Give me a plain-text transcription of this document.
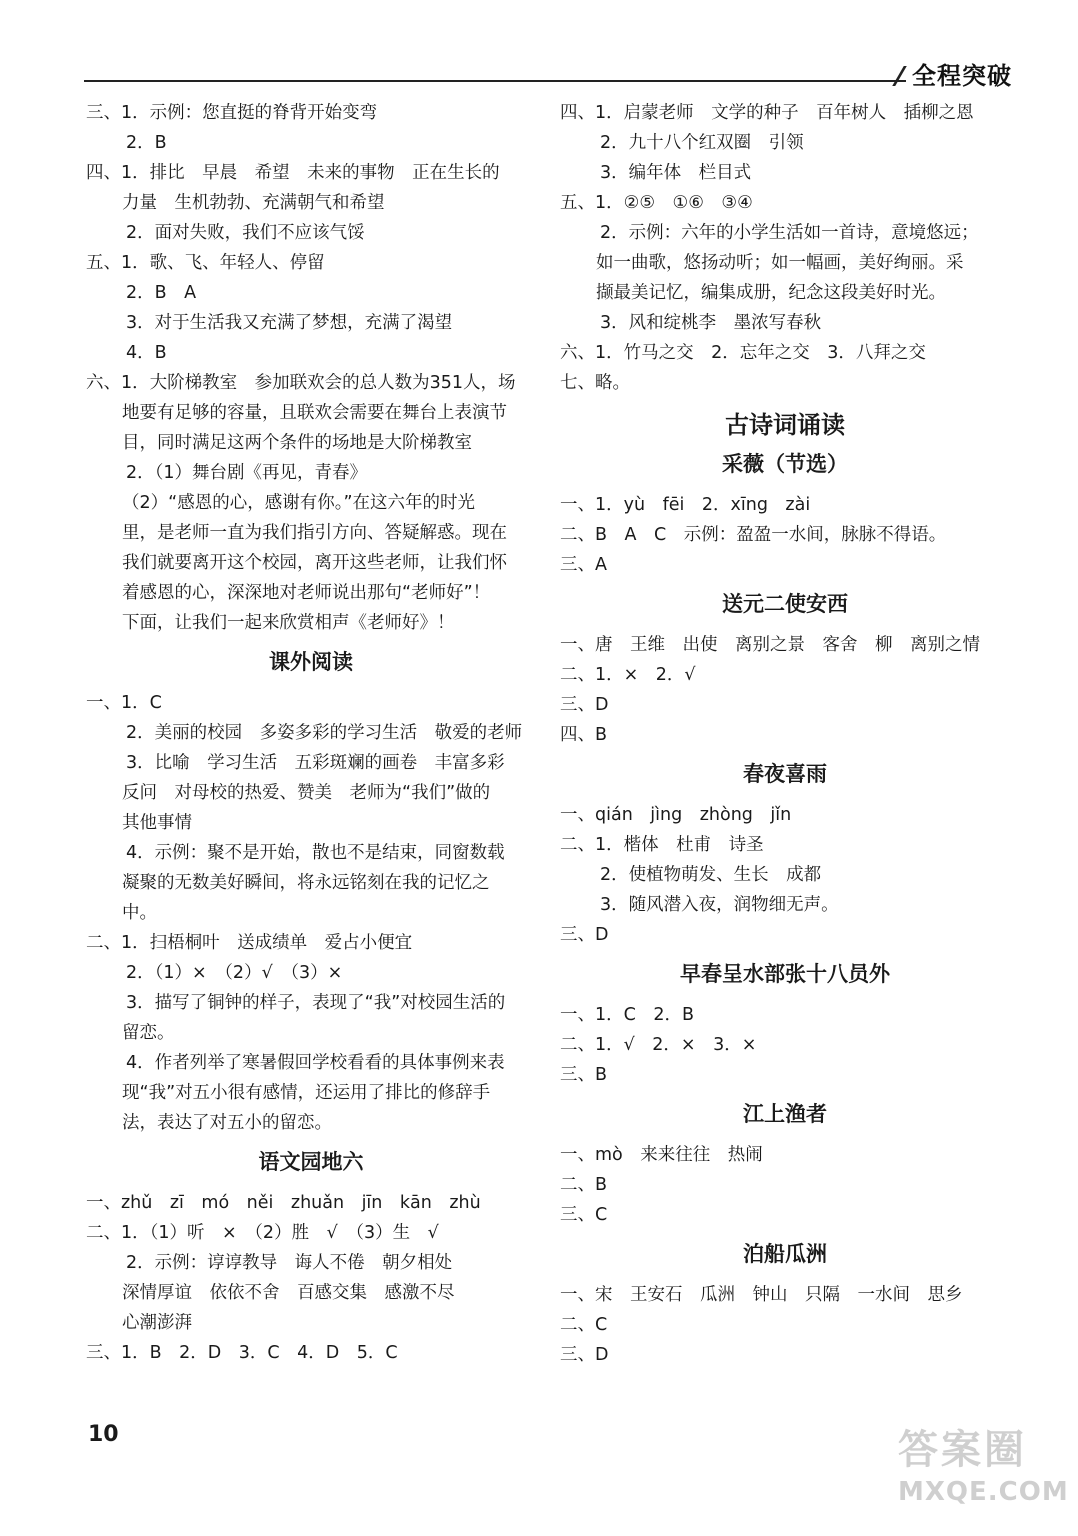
全程突破
三、1．示例：您直挺的脊背开始变弯
2．B
四、1．排比　早晨　希望　未来的事物　正在生长的
力量　生机勃勃、充满朝气和希望
2．面对失败，我们不应该气馁
五、1．歌、飞、年轻人、停留
2．B　A
3．对于生活我又充满了梦想，充满了渴望
4．B
六、1．大阶梯教室　参加联欢会的总人数为351人，场
地要有足够的容量，且联欢会需要在舞台上表演节
目，同时满足这两个条件的场地是大阶梯教室
2．（1）舞台剧《再见，青春》
（2）“感恩的心，感谢有你。”在这六年的时光
里，是老师一直为我们指引方向、答疑解惑。现在
我们就要离开这个校园，离开这些老师，让我们怀
着感恩的心，深深地对老师说出那句“老师好”！
下面，让我们一起来欣赏相声《老师好》！
课外阅读
一、1．C
2．美丽的校园　多姿多彩的学习生活　敬爱的老师
3．比喻　学习生活　五彩斑斓的画卷　丰富多彩
反问　对母校的热爱、赞美　老师为“我们”做的
其他事情
4．示例：聚不是开始，散也不是结束，同窗数载
凝聚的无数美好瞬间，将永远铭刻在我的记忆之
中。
二、1．扫梧桐叶　送成绩单　爱占小便宜
2．（1）×　（2）√　（3）×
3．描写了铜钟的样子，表现了“我”对校园生活的
留恋。
4．作者列举了寒暑假回学校看看的具体事例来表
现“我”对五小很有感情，还运用了排比的修辞手
法，表达了对五小的留恋。
语文园地六
一、zhǔ　zī　mó　něi　zhuǎn　jīn　kān　zhù
二、1．（1）听　×　（2）胜　√　（3）生　√
2．示例：谆谆教导　诲人不倦　朝夕相处
深情厚谊　依依不舍　百感交集　感激不尽
心潮澎湃
三、1．B　2．D　3．C　4．D　5．C
四、1．启蒙老师　文学的种子　百年树人　插柳之恩
2．九十八个红双圈　引领
3．编年体　栏目式
五、1．②⑤　①⑥　③④
2．示例：六年的小学生活如一首诗，意境悠远；
如一曲歌，悠扬动听；如一幅画，美好绚丽。采
撷最美记忆，编集成册，纪念这段美好时光。
3．风和绽桃李　墨浓写春秋
六、1．竹马之交　2．忘年之交　3．八拜之交
七、略。
古诗词诵读
采薇（节选）
一、1．yù　fēi　2．xīng　zài
二、B　A　C　示例：盈盈一水间，脉脉不得语。
三、A
送元二使安西
一、唐　王维　出使　离别之景　客舍　柳　离别之情
二、1．×　2．√
三、D
四、B
春夜喜雨
一、qián　jìng　zhòng　jǐn
二、1．楷体　杜甫　诗圣
2．使植物萌发、生长　成都
3．随风潜入夜，润物细无声。
三、D
早春呈水部张十八员外
一、1．C　2．B
二、1．√　2．×　3．×
三、B
江上渔者
一、mò　来来往往　热闹
二、B
三、C
泊船瓜洲
一、宋　王安石　瓜洲　钟山　只隔　一水间　思乡
二、C
三、D
10	答案圈
MXQE.COM
